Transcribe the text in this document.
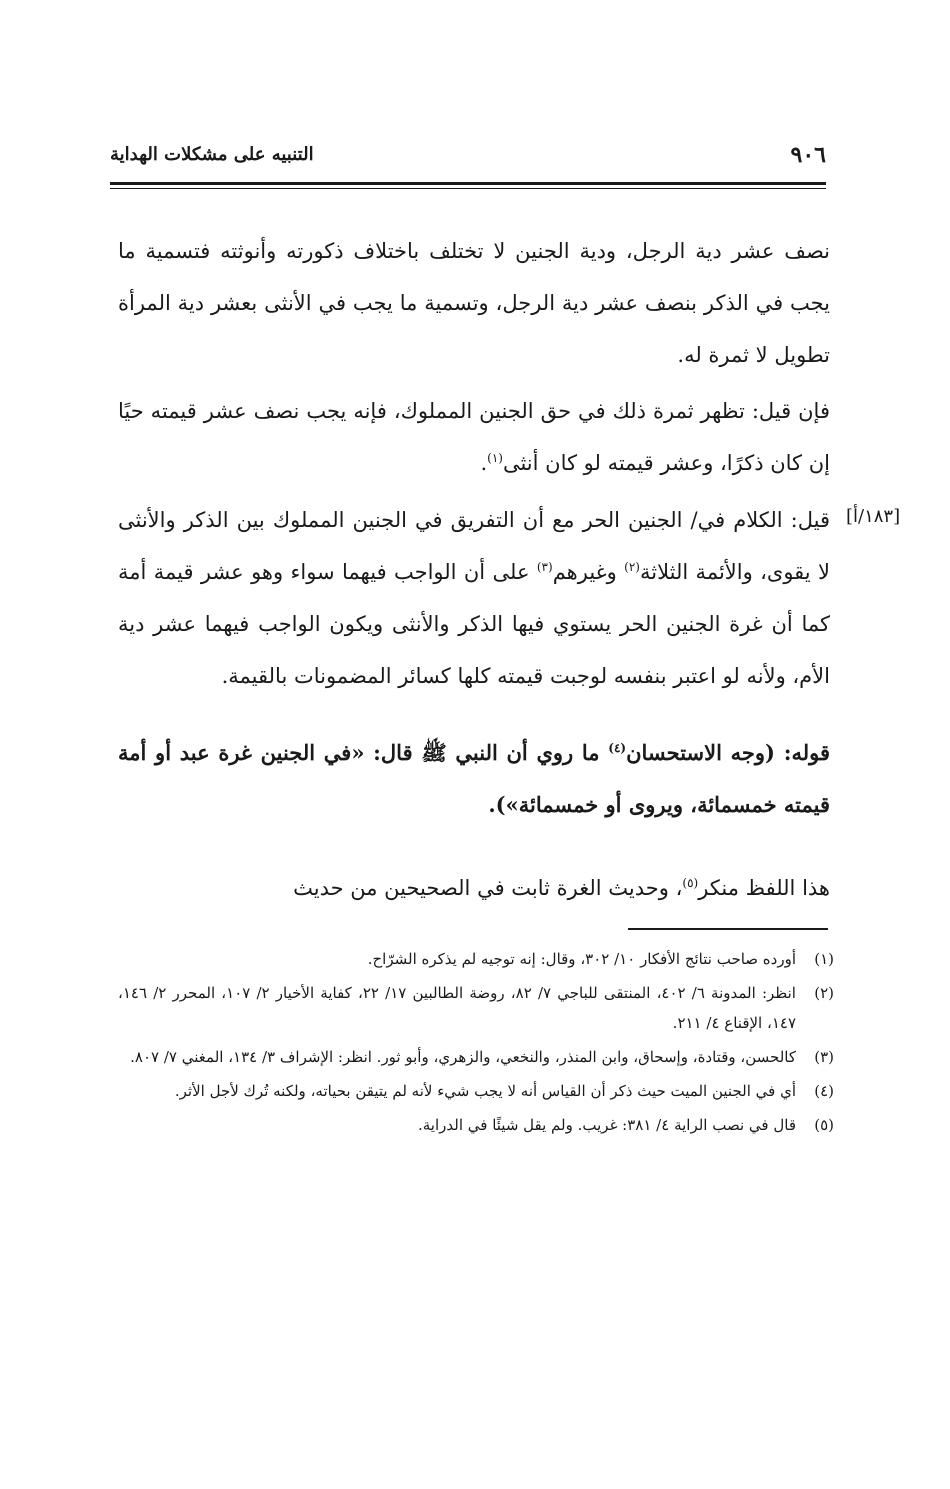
٩٠٦
التنبيه على مشكلات الهداية
[١٨٣/أ]

نصف عشر دية الرجل، ودية الجنين لا تختلف باختلاف ذكورته وأنوثته فتسمية ما يجب في الذكر بنصف عشر دية الرجل، وتسمية ما يجب في الأنثى بعشر دية المرأة تطويل لا ثمرة له.

فإن قيل: تظهر ثمرة ذلك في حق الجنين المملوك، فإنه يجب نصف عشر قيمته حيًا إن كان ذكرًا، وعشر قيمته لو كان أنثى$^{(١)}$.

قيل: الكلام في/ الجنين الحر مع أن التفريق في الجنين المملوك بين الذكر والأنثى لا يقوى، والأئمة الثلاثة$^{(٢)}$ وغيرهم$^{(٣)}$ على أن الواجب فيهما سواء وهو عشر قيمة أمة كما أن غرة الجنين الحر يستوي فيها الذكر والأنثى ويكون الواجب فيهما عشر دية الأم، ولأنه لو اعتبر بنفسه لوجبت قيمته كلها كسائر المضمونات بالقيمة.

قوله: (وجه الاستحسان$^{(٤)}$ ما روي أن النبي ﷺ قال: «في الجنين غرة عبد أو أمة قيمته خمسمائة، ويروى أو خمسمائة»).

هذا اللفظ منكر$^{(٥)}$، وحديث الغرة ثابت في الصحيحين من حديث

(١)
أورده صاحب نتائج الأفكار ١٠/ ٣٠٢، وقال: إنه توجيه لم يذكره الشرّاح.

(٢)
انظر: المدونة ٦/ ٤٠٢، المنتقى للباجي ٧/ ٨٢، روضة الطالبين ١٧/ ٢٢، كفاية الأخيار ٢/ ١٠٧، المحرر ٢/ ١٤٦، ١٤٧، الإقناع ٤/ ٢١١.

(٣)
كالحسن، وقتادة، وإسحاق، وابن المنذر، والنخعي، والزهري، وأبو ثور. انظر: الإشراف ٣/ ١٣٤، المغني ٧/ ٨٠٧.

(٤)
أي في الجنين الميت حيث ذكر أن القياس أنه لا يجب شيء لأنه لم يتيقن بحياته، ولكنه تُرك لأجل الأثر.

(٥)
قال في نصب الراية ٤/ ٣٨١: غريب. ولم يقل شيئًا في الدراية.
